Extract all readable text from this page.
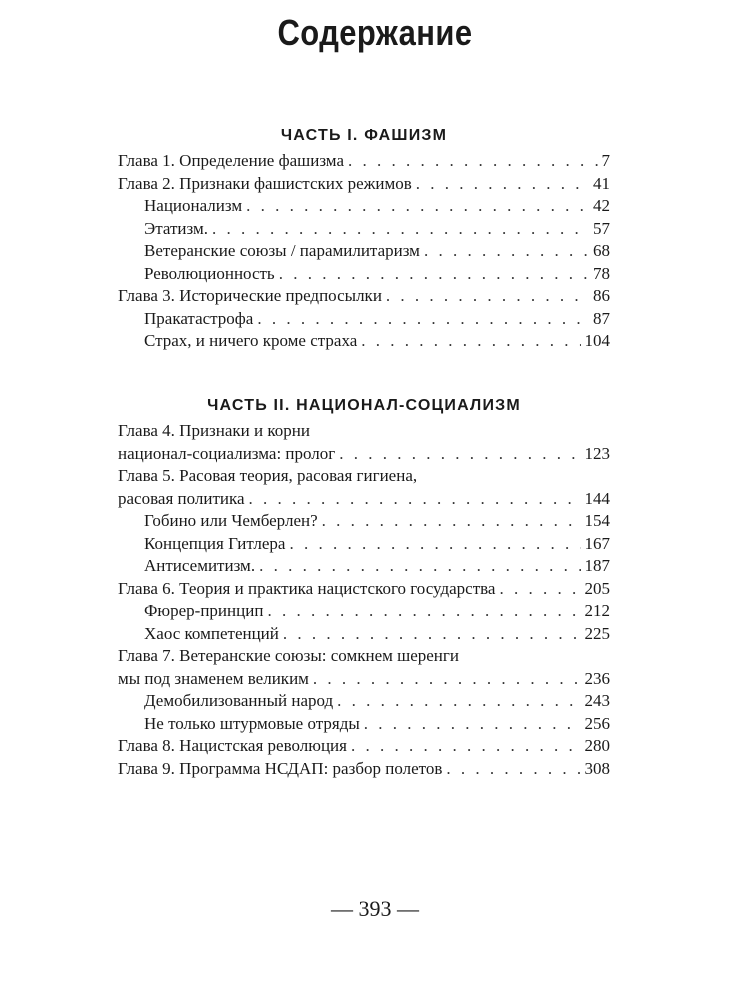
Содержание
ЧАСТЬ I. ФАШИЗМ
Глава 1. Определение фашизма . . .	7
Глава 2. Признаки фашистских режимов . . .	41
Национализм . . .	42
Этатизм. . . .	57
Ветеранские союзы / парамилитаризм . . .	68
Революционность . . .	78
Глава 3. Исторические предпосылки . . .	86
Пракатастрофа . . .	87
Страх, и ничего кроме страха . . .	104
ЧАСТЬ II. НАЦИОНАЛ-СОЦИАЛИЗМ
Глава 4. Признаки и корни
национал-социализма: пролог . . .	123
Глава 5. Расовая теория, расовая гигиена,
расовая политика . . .	144
Гобино или Чемберлен? . . .	154
Концепция Гитлера . . .	167
Антисемитизм. . . .	187
Глава 6. Теория и практика нацистского государства . . .	205
Фюрер-принцип . . .	212
Хаос компетенций . . .	225
Глава 7. Ветеранские союзы: сомкнем шеренги
мы под знаменем великим . . .	236
Демобилизованный народ . . .	243
Не только штурмовые отряды . . .	256
Глава 8. Нацистская революция . . .	280
Глава 9. Программа НСДАП: разбор полетов . . .	308
— 393 —
